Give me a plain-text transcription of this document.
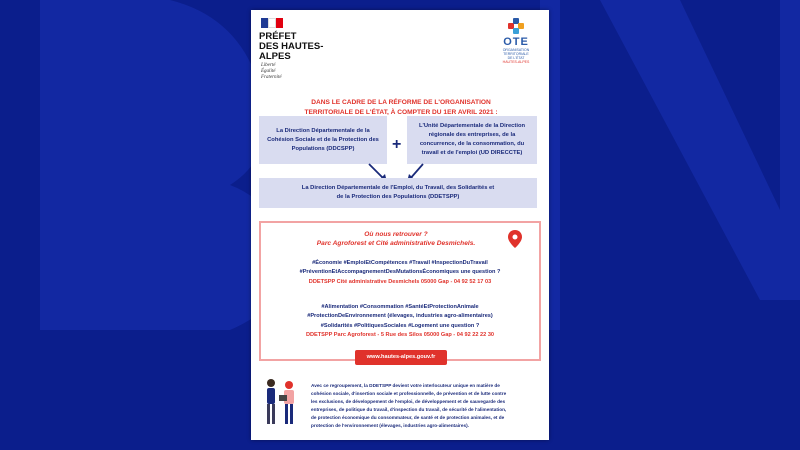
PRÉFET
DES HAUTES-
ALPES
Liberté
Égalité
Fraternité
OTE
ORGANISATION
TERRITORIALE
DE L'ÉTAT
HAUTES-ALPES
DANS LE CADRE DE LA RÉFORME DE L'ORGANISATION
TERRITORIALE DE L'ÉTAT, À COMPTER DU 1ER AVRIL 2021 :
La Direction Départementale de la Cohésion Sociale et de la Protection des Populations (DDCSPP)	+
L'Unité Départementale de la Direction régionale des entreprises, de la concurrence, de la consommation, du travail et de l'emploi (UD DIRECCTE)
La Direction Départementale de l'Emploi, du Travail, des Solidarités et de la Protection des Populations (DDETSPP)
Où nous retrouver ?
Parc Agroforest et Cité administrative Desmichels.
#Économie #EmploiEtCompétences #Travail #InspectionDuTravail
#PréventionEtAccompagnementDesMutationsÉconomiques une question ?
DDETSPP Cité administrative Desmichels 05000 Gap - 04 92 52 17 03
#Alimentation #Consommation #SantéEtProtectionAnimale
#ProtectionDeEnvironnement (élevages, industries agro-alimentaires)
#Solidarités #PolitiquesSociales #Logement une question ?
DDETSPP Parc Agroforest - 5 Rue des Silos 05000 Gap - 04 92 22 22 30
www.hautes-alpes.gouv.fr
Avec ce regroupement, la DDETSPP devient votre interlocuteur unique en matière de
cohésion sociale, d'insertion sociale et professionnelle, de prévention et de lutte contre
les exclusions, de développement de l'emploi, de développement et de sauvegarde des
entreprises, de politique du travail, d'inspection du travail, de sécurité de l'alimentation,
de protection économique du consommateur, de santé et de protection animales, et de
protection de l'environnement (élevages, industries agro-alimentaires).
